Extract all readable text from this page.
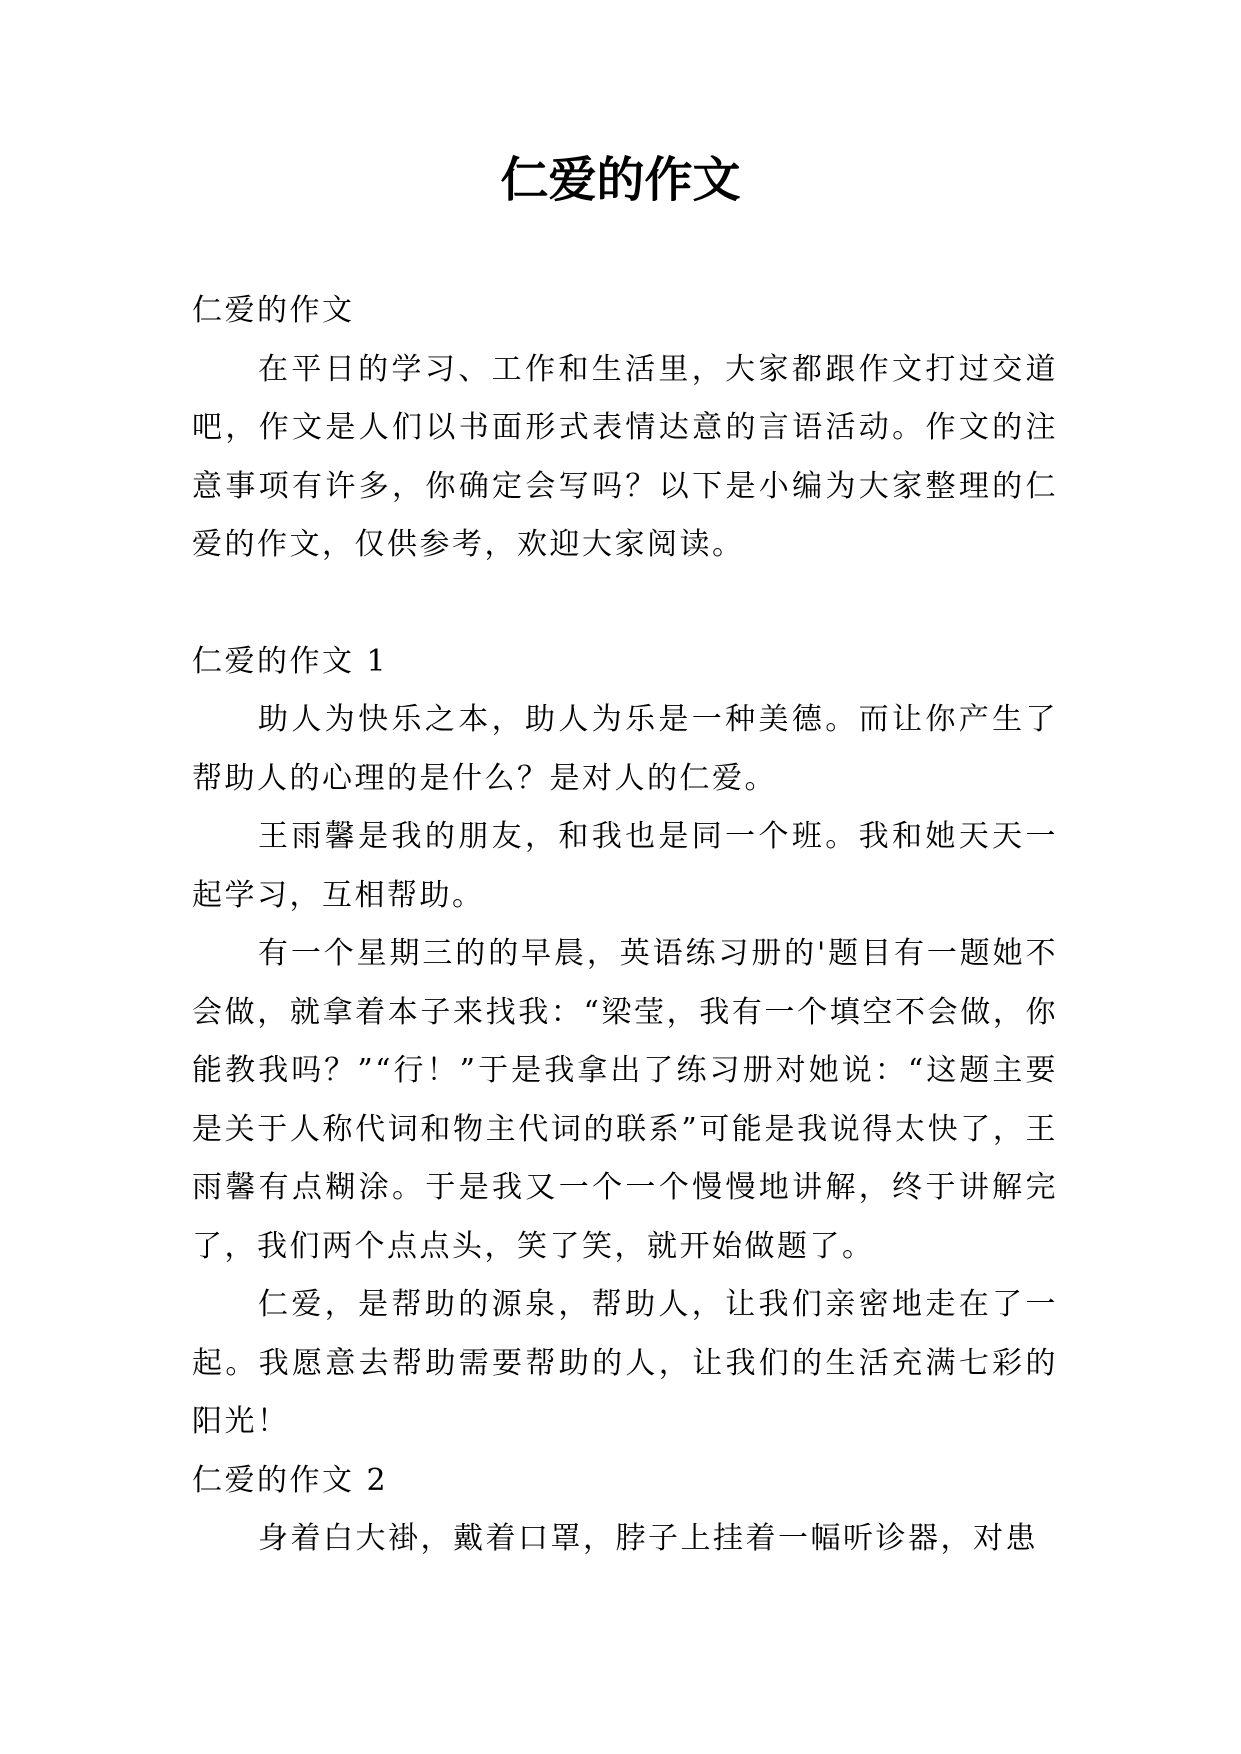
仁爱的作文

仁爱的作文

在平日的学习、工作和生活里，大家都跟作文打过交道吧，作文是人们以书面形式表情达意的言语活动。作文的注意事项有许多，你确定会写吗？以下是小编为大家整理的仁爱的作文，仅供参考，欢迎大家阅读。

仁爱的作文 1

助人为快乐之本，助人为乐是一种美德。而让你产生了帮助人的心理的是什么？是对人的仁爱。

王雨馨是我的朋友，和我也是同一个班。我和她天天一起学习，互相帮助。

有一个星期三的的早晨，英语练习册的'题目有一题她不会做，就拿着本子来找我：“梁莹，我有一个填空不会做，你能教我吗？”“行！”于是我拿出了练习册对她说：“这题主要是关于人称代词和物主代词的联系”可能是我说得太快了，王雨馨有点糊涂。于是我又一个一个慢慢地讲解，终于讲解完了，我们两个点点头，笑了笑，就开始做题了。

仁爱，是帮助的源泉，帮助人，让我们亲密地走在了一起。我愿意去帮助需要帮助的人，让我们的生活充满七彩的阳光！

仁爱的作文 2

身着白大褂，戴着口罩，脖子上挂着一幅听诊器，对患
